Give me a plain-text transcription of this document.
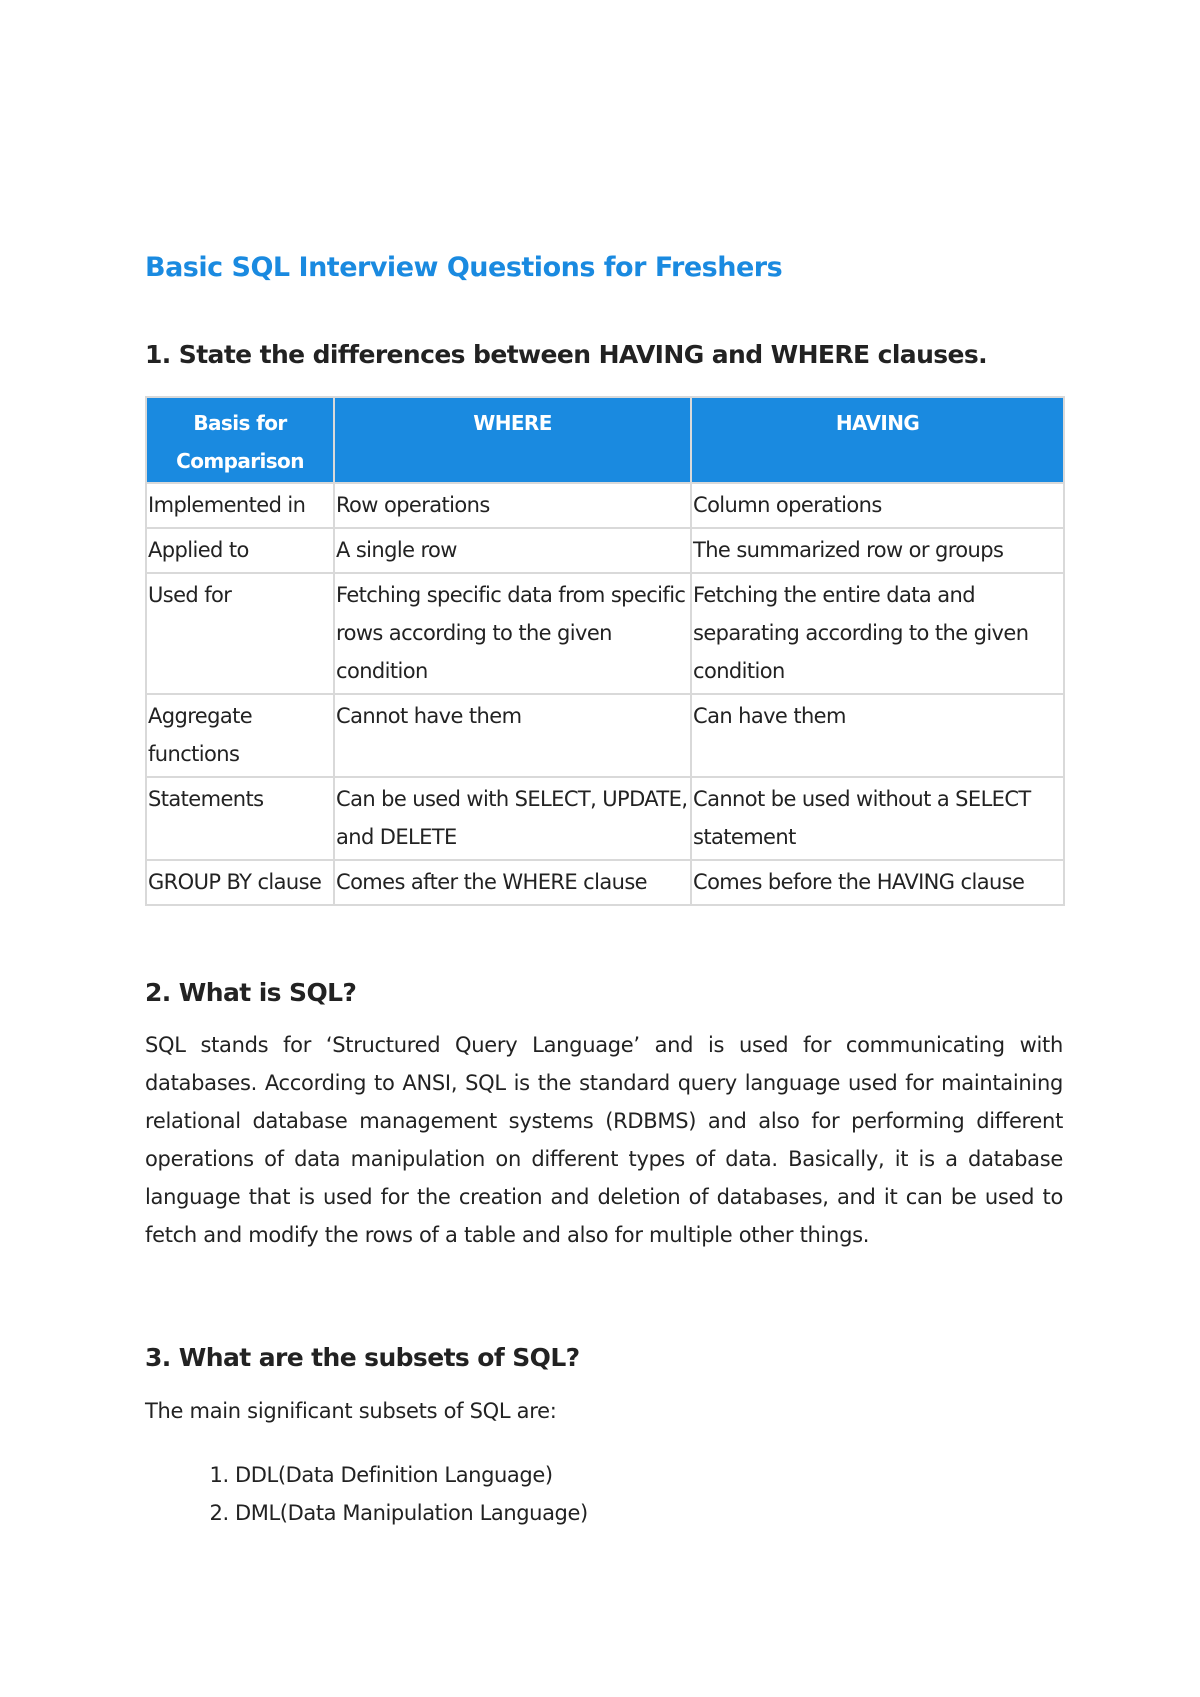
Basic SQL Interview Questions for Freshers
1. State the differences between HAVING and WHERE clauses.
Basis for Comparison	WHERE	HAVING
Implemented in	Row operations	Column operations
Applied to	A single row	The summarized row or groups
Used for	Fetching specific data from specific rows according to the given condition	Fetching the entire data and separating according to the given condition
Aggregate functions	Cannot have them	Can have them
Statements	Can be used with SELECT, UPDATE, and DELETE	Cannot be used without a SELECT statement
GROUP BY clause	Comes after the WHERE clause	Comes before the HAVING clause
2. What is SQL?

SQL stands for ‘Structured Query Language’ and is used for communicating with databases. According to ANSI, SQL is the standard query language used for maintaining relational database management systems (RDBMS) and also for performing different operations of data manipulation on different types of data. Basically, it is a database language that is used for the creation and deletion of databases, and it can be used to fetch and modify the rows of a table and also for multiple other things.

3. What are the subsets of SQL?

The main significant subsets of SQL are:

1. DDL(Data Definition Language)
2. DML(Data Manipulation Language)
